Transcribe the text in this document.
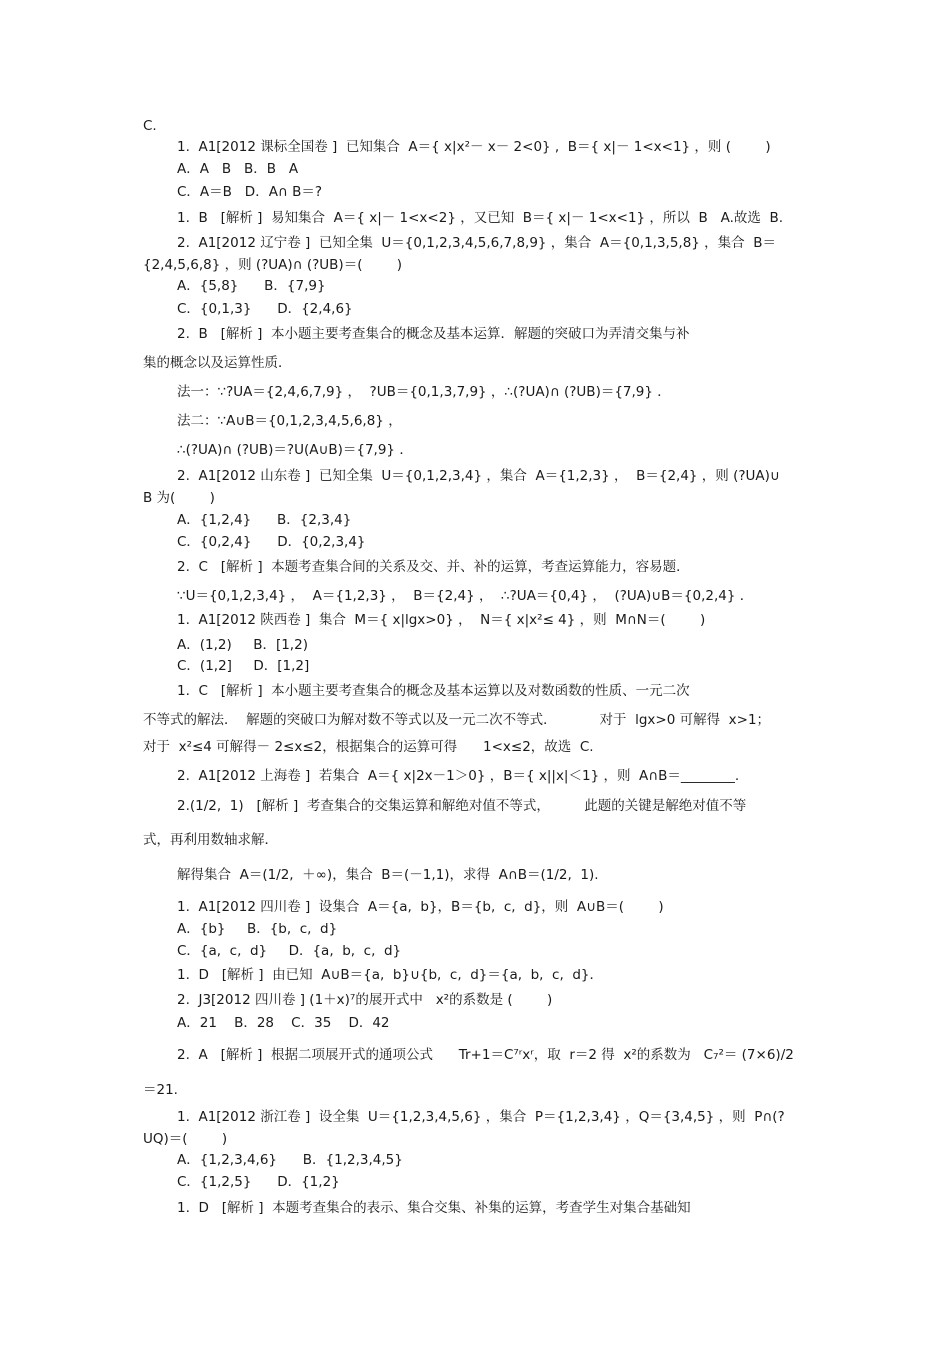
C.
1.  A1[2012 课标全国卷 ]  已知集合  A＝{ x|x²－ x－ 2<0} ,  B＝{ x|－ 1<x<1} ，则 (        )
A．A   B   B．B   A
C．A＝B   D．A∩ B＝?
1.  B   [解析 ]  易知集合  A＝{ x|－ 1<x<2} ，又已知  B＝{ x|－ 1<x<1} ，所以  B   A.故选  B.
2.  A1[2012 辽宁卷 ]  已知全集  U＝{0,1,2,3,4,5,6,7,8,9} ，集合  A＝{0,1,3,5,8} ，集合  B＝
{2,4,5,6,8} ，则 (?UA)∩ (?UB)＝(        )
A．{5,8}      B．{7,9}
C．{0,1,3}      D．{2,4,6}
2.  B   [解析 ]  本小题主要考查集合的概念及基本运算．解题的突破口为弄清交集与补
集的概念以及运算性质．
法一：∵?UA＝{2,4,6,7,9} ，  ?UB＝{0,1,3,7,9} ，∴(?UA)∩ (?UB)＝{7,9} ．
法二：∵A∪B＝{0,1,2,3,4,5,6,8} ，
∴(?UA)∩ (?UB)＝?U(A∪B)＝{7,9} ．
2.  A1[2012 山东卷 ]  已知全集  U＝{0,1,2,3,4} ，集合  A＝{1,2,3} ，  B＝{2,4} ，则 (?UA)∪
B 为(        )
A．{1,2,4}      B．{2,3,4}
C．{0,2,4}      D．{0,2,3,4}
2.  C   [解析 ]  本题考查集合间的关系及交、并、补的运算，考查运算能力，容易题．
∵U＝{0,1,2,3,4} ，  A＝{1,2,3} ，  B＝{2,4} ，  ∴?UA＝{0,4} ，  (?UA)∪B＝{0,2,4} ．
1.  A1[2012 陕西卷 ]  集合  M＝{ x|lgx>0} ，  N＝{ x|x²≤ 4} ，则  M∩N＝(        )
A．(1,2)     B．[1,2)
C．(1,2]     D．[1,2]
1.  C   [解析 ]  本小题主要考查集合的概念及基本运算以及对数函数的性质、一元二次
不等式的解法．  解题的突破口为解对数不等式以及一元二次不等式．          对于  lgx>0 可解得  x>1；
对于  x²≤4 可解得－ 2≤x≤2，根据集合的运算可得      1<x≤2，故选  C.
2.  A1[2012 上海卷 ]  若集合  A＝{ x|2x－1＞0} ，B＝{ x||x|＜1} ，则  A∩B＝________.
2.(1/2,  1)   [解析 ]  考查集合的交集运算和解绝对值不等式，        此题的关键是解绝对值不等
式，再利用数轴求解．
解得集合  A＝(1/2,  ＋∞)，集合  B＝(－1,1)，求得  A∩B＝(1/2,  1).
1.  A1[2012 四川卷 ]  设集合  A＝{a,  b}，B＝{b,  c,  d}，则  A∪B＝(        )
A．{b}     B．{b,  c,  d}
C．{a,  c,  d}     D．{a,  b,  c,  d}
1.  D   [解析 ]  由已知  A∪B＝{a,  b}∪{b,  c,  d}＝{a,  b,  c,  d}．
2.  J3[2012 四川卷 ] (1＋x)⁷的展开式中   x²的系数是 (        )
A．21    B．28    C．35    D．42
2.  A   [解析 ]  根据二项展开式的通项公式      Tr+1＝C⁷ʳxʳ，取  r＝2 得  x²的系数为   C₇²＝ (7×6)/2
＝21.
1.  A1[2012 浙江卷 ]  设全集  U＝{1,2,3,4,5,6} ，集合  P＝{1,2,3,4} ，Q＝{3,4,5} ，则  P∩(?
UQ)＝(        )
A．{1,2,3,4,6}      B．{1,2,3,4,5}
C．{1,2,5}      D．{1,2}
1.  D   [解析 ]  本题考查集合的表示、集合交集、补集的运算，考查学生对集合基础知
